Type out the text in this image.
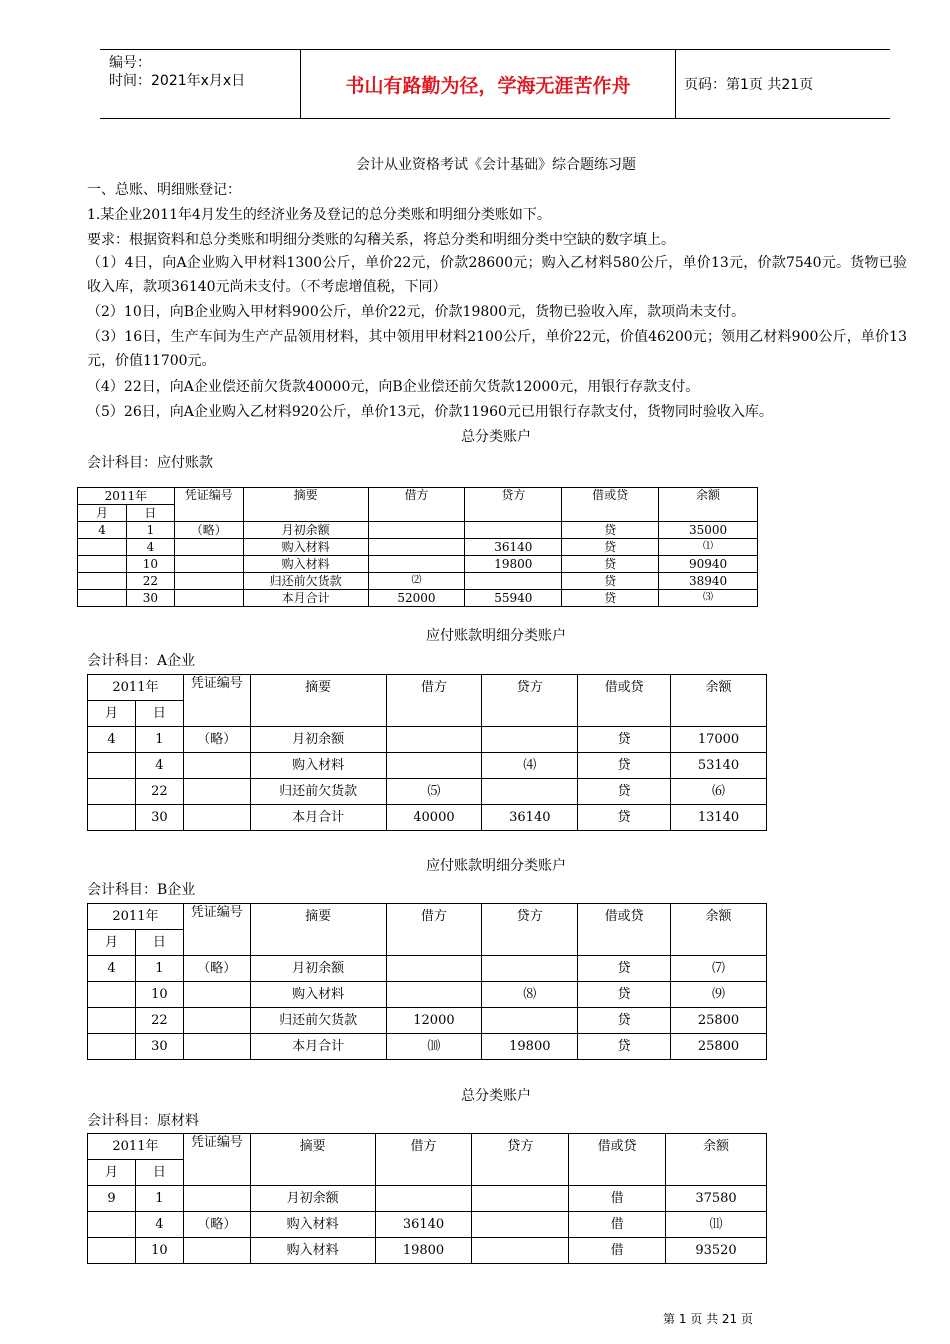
编号：
时间：2021年x月x日	书山有路勤为径，学海无涯苦作舟	页码：第1页 共21页
会计从业资格考试《会计基础》综合题练习题
一、总账、明细账登记：
1.某企业2011年4月发生的经济业务及登记的总分类账和明细分类账如下。
要求：根据资料和总分类账和明细分类账的勾稽关系，将总分类和明细分类中空缺的数字填上。
（1）4日，向A企业购入甲材料1300公斤，单价22元，价款28600元；购入乙材料580公斤，单价13元，价款7540元。货物已验收入库，款项36140元尚未支付。（不考虑增值税，下同）
（2）10日，向B企业购入甲材料900公斤，单价22元，价款19800元，货物已验收入库，款项尚未支付。
（3）16日，生产车间为生产产品领用材料，其中领用甲材料2100公斤，单价22元，价值46200元；领用乙材料900公斤，单价13元，价值11700元。
（4）22日，向A企业偿还前欠货款40000元，向B企业偿还前欠货款12000元，用银行存款支付。
（5）26日，向A企业购入乙材料920公斤，单价13元，价款11960元已用银行存款支付，货物同时验收入库。
总分类账户
会计科目：应付账款
2011年		凭证编号	摘要	借方	贷方	借或贷	余额
月	日						
4	1	（略）	月初余额			贷	35000
	4		购入材料		36140	贷	⑴
	10		购入材料		19800	贷	90940
	22		归还前欠货款	⑵		贷	38940
	30		本月合计	52000	55940	贷	⑶
应付账款明细分类账户
会计科目：A企业
2011年		凭证编号	摘要	借方	贷方	借或贷	余额
月	日						
4	1	（略）	月初余额			贷	17000
	4		购入材料		⑷	贷	53140
	22		归还前欠货款	⑸		贷	⑹
	30		本月合计	40000	36140	贷	13140
应付账款明细分类账户
会计科目：B企业
2011年		凭证编号	摘要	借方	贷方	借或贷	余额
月	日						
4	1	（略）	月初余额			贷	⑺
	10		购入材料		⑻	贷	⑼
	22		归还前欠货款	12000		贷	25800
	30		本月合计	⑽	19800	贷	25800
总分类账户
会计科目：原材料
2011年		凭证编号	摘要	借方	贷方	借或贷	余额
月	日						
9	1		月初余额			借	37580
	4	（略）	购入材料	36140		借	⑾
	10		购入材料	19800		借	93520
第 1 页 共 21 页
